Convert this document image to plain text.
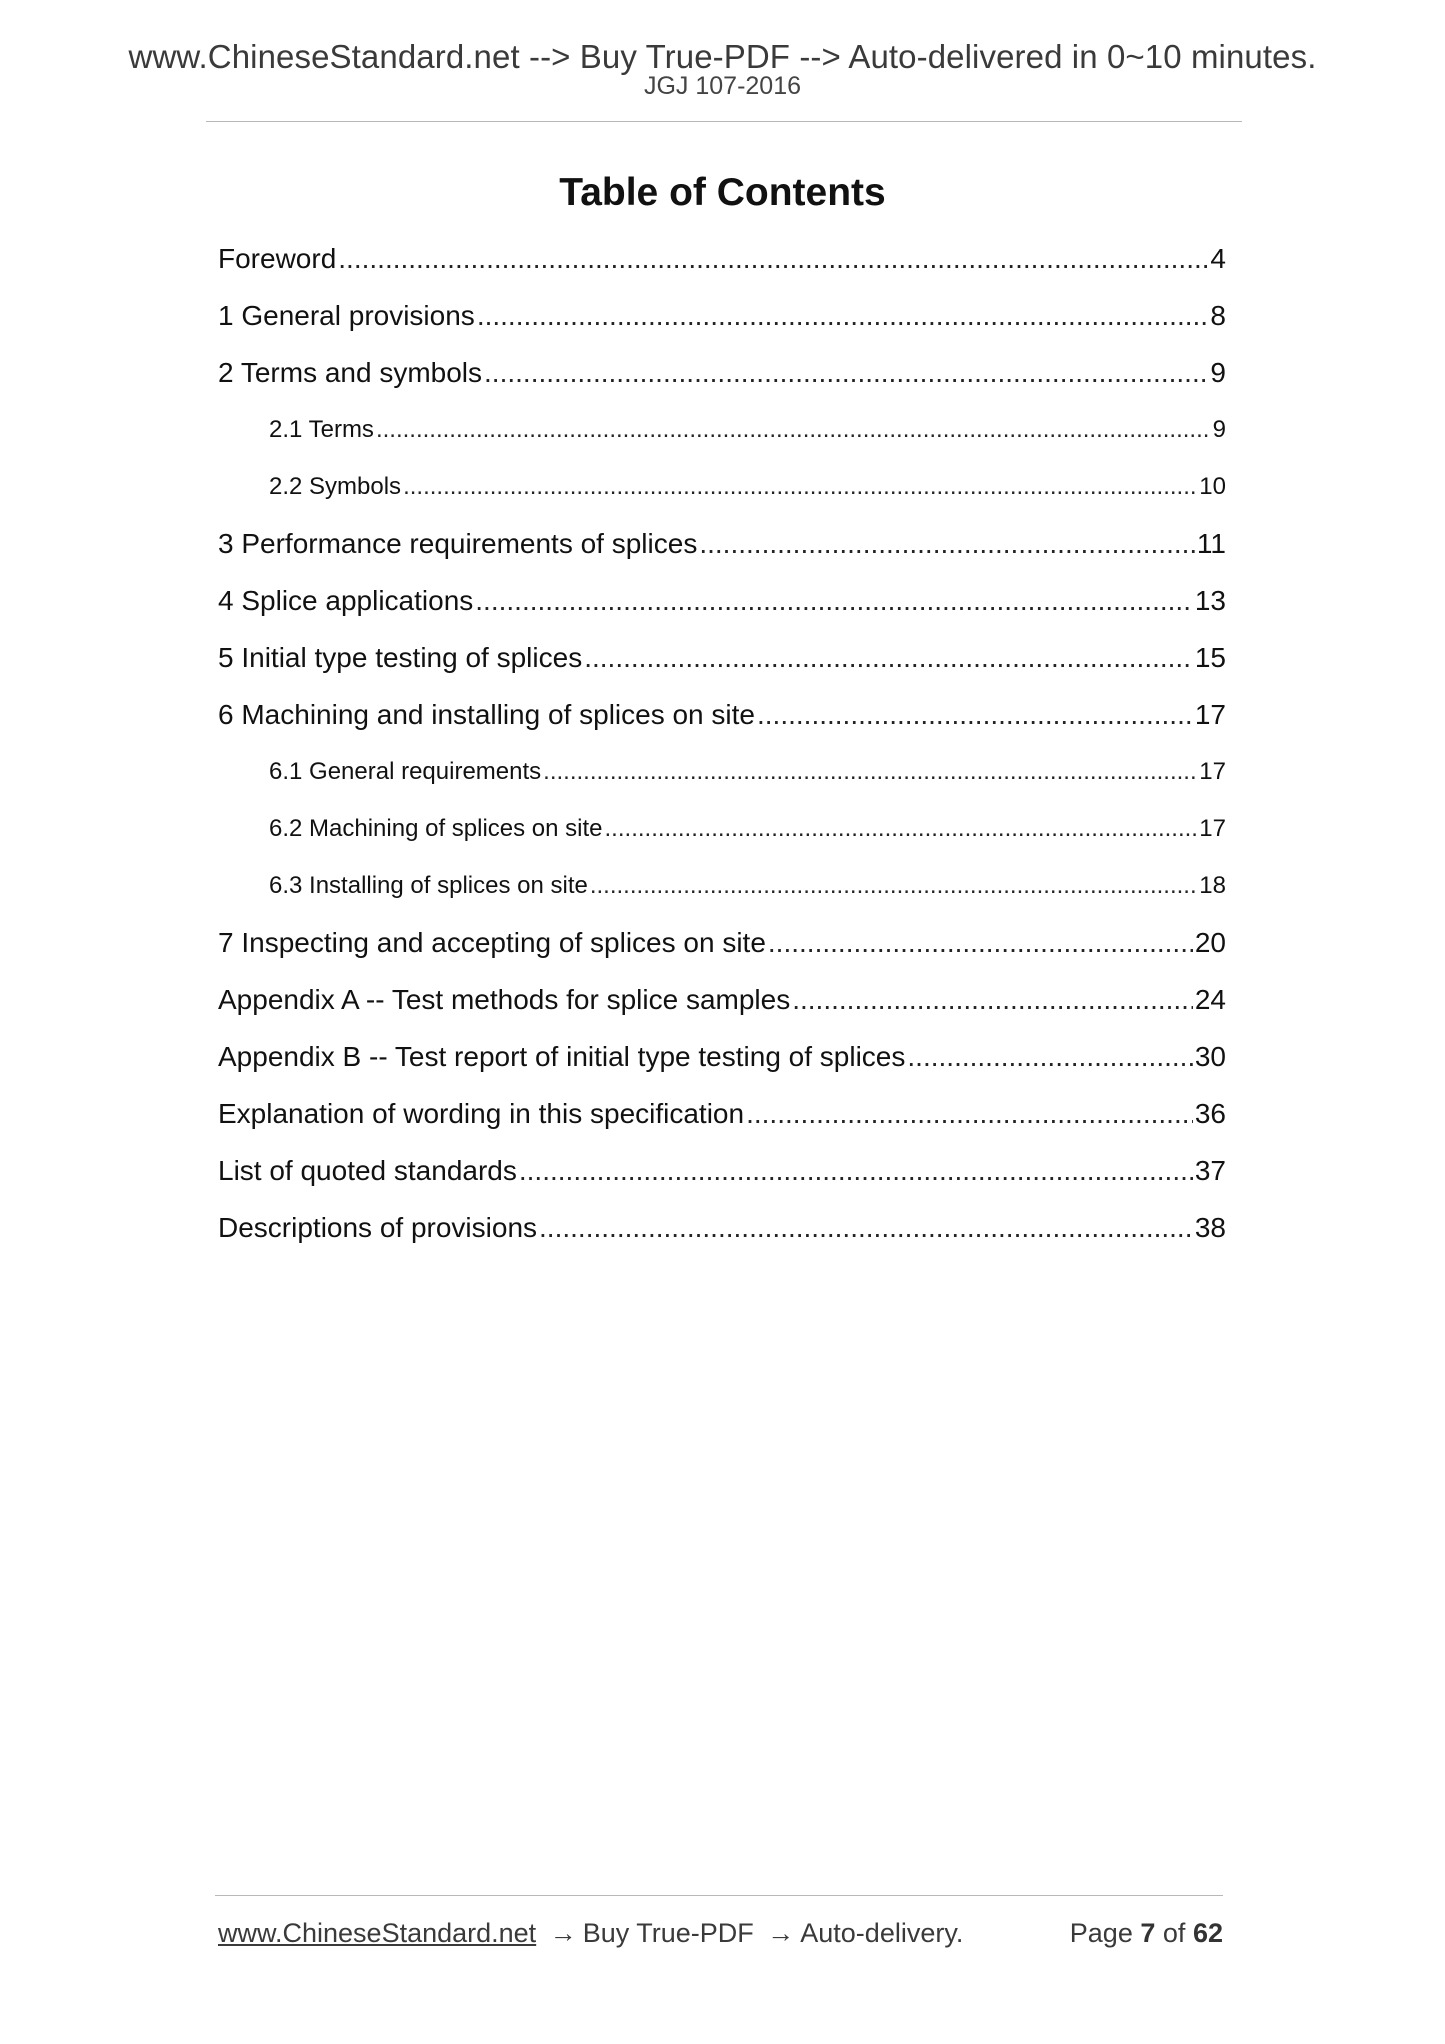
www.ChineseStandard.net --> Buy True-PDF --> Auto-delivered in 0~10 minutes.
JGJ 107-2016
Table of Contents
Foreword .....	4
1 General provisions .....	8
2 Terms and symbols .....	9
2.1 Terms .....	9
2.2 Symbols .....	10
3 Performance requirements of splices .....	11
4 Splice applications .....	13
5 Initial type testing of splices .....	15
6 Machining and installing of splices on site .....	17
6.1 General requirements .....	17
6.2 Machining of splices on site .....	17
6.3 Installing of splices on site .....	18
7 Inspecting and accepting of splices on site .....	20
Appendix A -- Test methods for splice samples .....	24
Appendix B -- Test report of initial type testing of splices .....	30
Explanation of wording in this specification .....	36
List of quoted standards .....	37
Descriptions of provisions .....	38
www.ChineseStandard.net → Buy True-PDF → Auto-delivery.	Page 7 of 62
